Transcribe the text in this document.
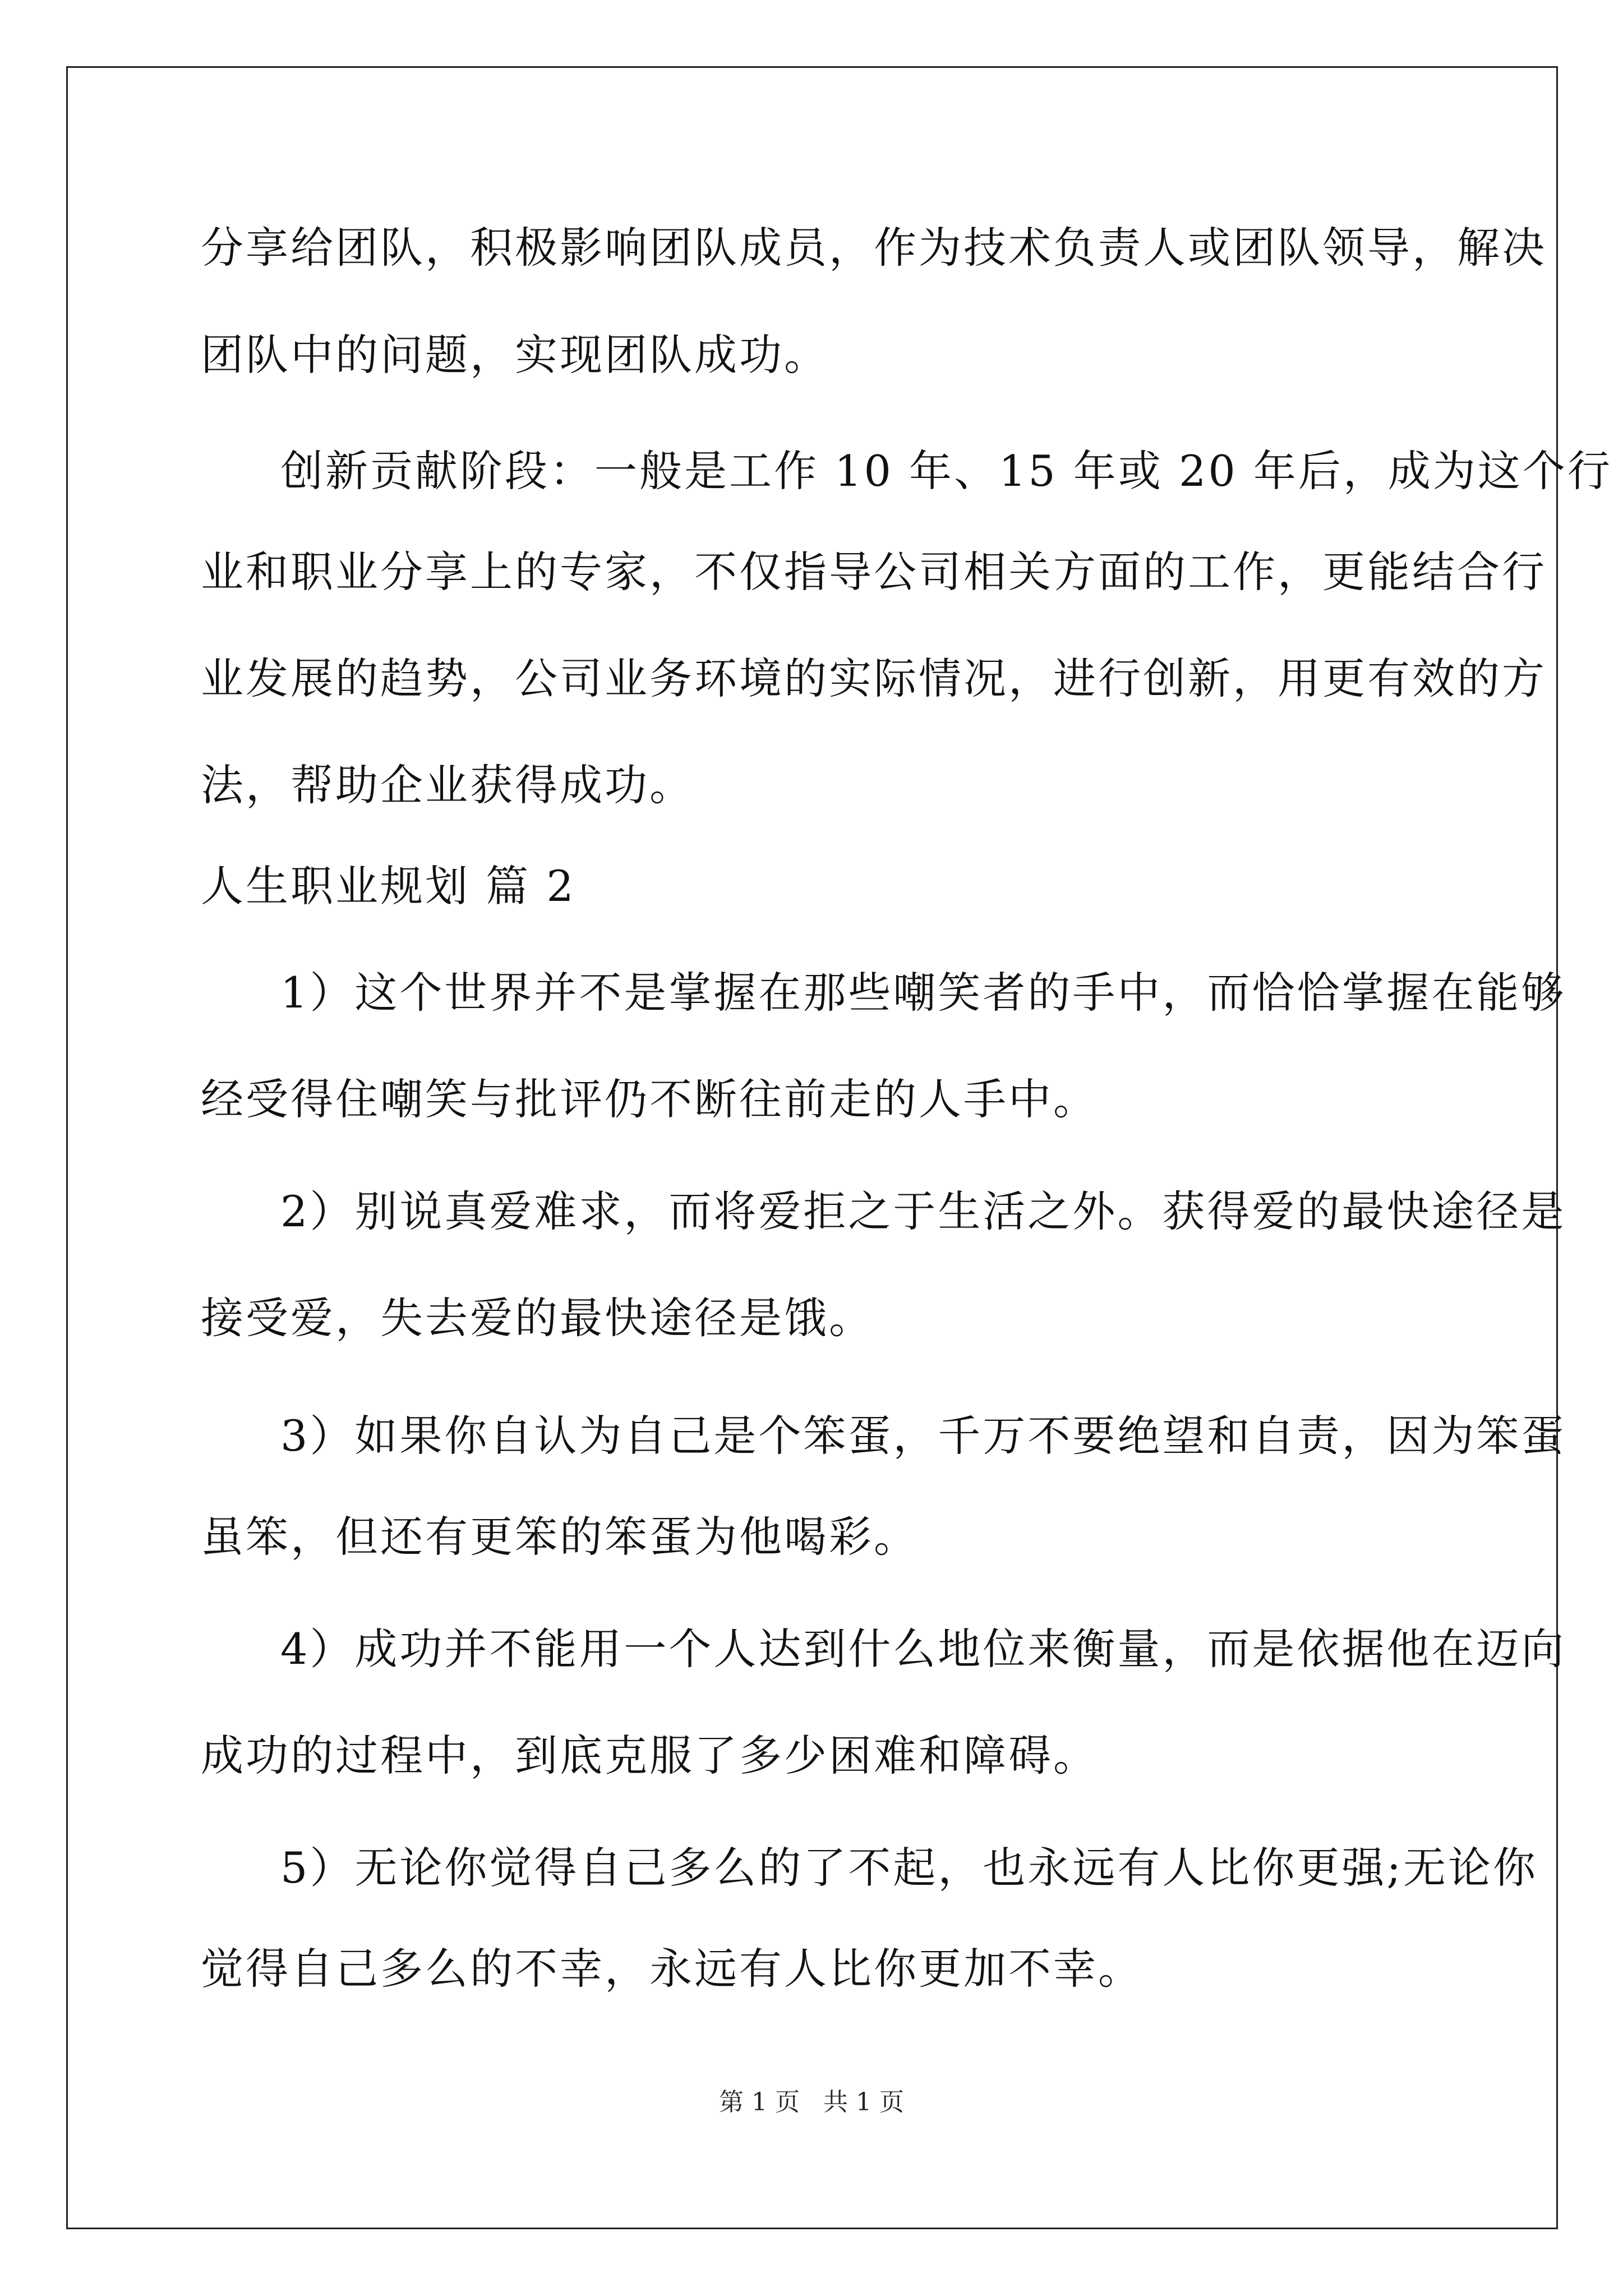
分享给团队，积极影响团队成员，作为技术负责人或团队领导，解决
团队中的问题，实现团队成功。
创新贡献阶段：一般是工作 10 年、15 年或 20 年后，成为这个行
业和职业分享上的专家，不仅指导公司相关方面的工作，更能结合行
业发展的趋势，公司业务环境的实际情况，进行创新，用更有效的方
法，帮助企业获得成功。
人生职业规划 篇 2
1）这个世界并不是掌握在那些嘲笑者的手中，而恰恰掌握在能够
经受得住嘲笑与批评仍不断往前走的人手中。
2）别说真爱难求，而将爱拒之于生活之外。获得爱的最快途径是
接受爱，失去爱的最快途径是饿。
3）如果你自认为自己是个笨蛋，千万不要绝望和自责，因为笨蛋
虽笨，但还有更笨的笨蛋为他喝彩。
4）成功并不能用一个人达到什么地位来衡量，而是依据他在迈向
成功的过程中，到底克服了多少困难和障碍。
5）无论你觉得自己多么的了不起，也永远有人比你更强;无论你
觉得自己多么的不幸，永远有人比你更加不幸。
第 1 页 共 1 页
